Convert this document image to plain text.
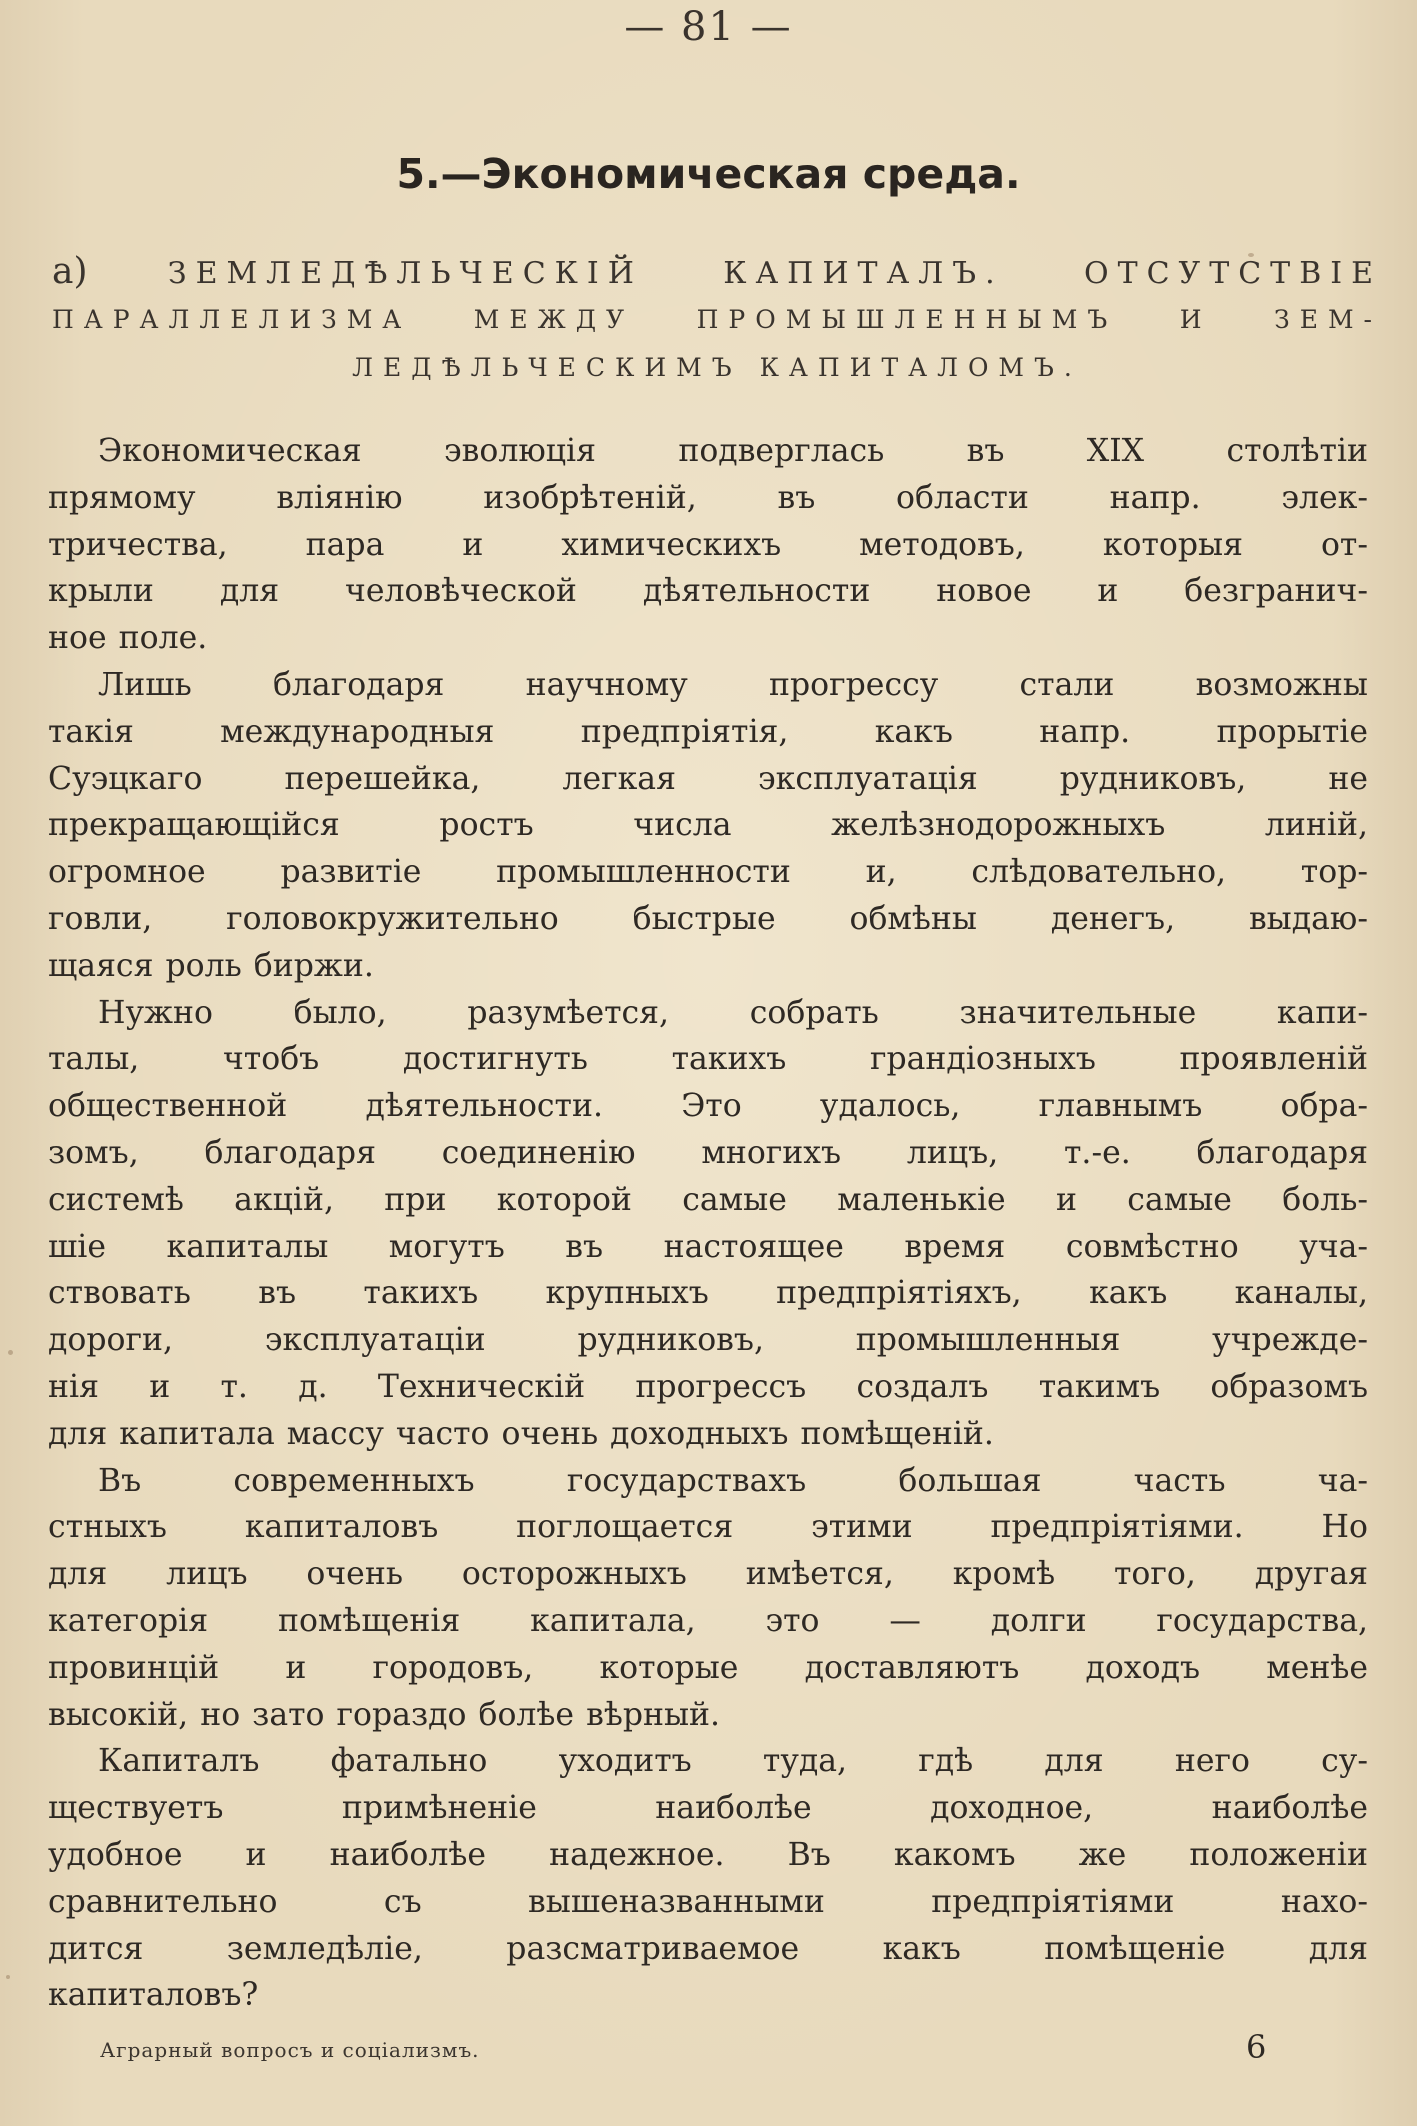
— 81 —
5.—Экономическая среда.
а)	ЗЕМЛЕДѢЛЬЧЕСКІЙ КАПИТАЛЪ. ОТСУТСТВІЕ
ПАРАЛЛЕЛИЗМА МЕЖДУ ПРОМЫШЛЕННЫМЪ И ЗЕМ-
ЛЕДѢЛЬЧЕСКИМЪ КАПИТАЛОМЪ.
Экономическая эволюція подверглась въ XIX столѣтіи
прямому вліянію изобрѣтеній, въ области напр. элек-
тричества, пара и химическихъ методовъ, которыя от-
крыли для человѣческой дѣятельности новое и безгранич-
ное поле.
Лишь благодаря научному прогрессу стали возможны
такія международныя предпріятія, какъ напр. прорытіе
Суэцкаго перешейка, легкая эксплуатація рудниковъ, не
прекращающійся ростъ числа желѣзнодорожныхъ линій,
огромное развитіе промышленности и, слѣдовательно, тор-
говли, головокружительно быстрые обмѣны денегъ, выдаю-
щаяся роль биржи.
Нужно было, разумѣется, собрать значительные капи-
талы, чтобъ достигнуть такихъ грандіозныхъ проявленій
общественной дѣятельности. Это удалось, главнымъ обра-
зомъ, благодаря соединенію многихъ лицъ, т.-е. благодаря
системѣ акцій, при которой самые маленькіе и самые боль-
шіе капиталы могутъ въ настоящее время совмѣстно уча-
ствовать въ такихъ крупныхъ предпріятіяхъ, какъ каналы,
дороги, эксплуатаціи рудниковъ, промышленныя учрежде-
нія и т. д. Техническій прогрессъ создалъ такимъ образомъ
для капитала массу часто очень доходныхъ помѣщеній.
Въ современныхъ государствахъ большая часть ча-
стныхъ капиталовъ поглощается этими предпріятіями. Но
для лицъ очень осторожныхъ имѣется, кромѣ того, другая
категорія помѣщенія капитала, это — долги государства,
провинцій и городовъ, которые доставляютъ доходъ менѣе
высокій, но зато гораздо болѣе вѣрный.
Капиталъ фатально уходитъ туда, гдѣ для него су-
ществуетъ примѣненіе наиболѣе доходное, наиболѣе
удобное и наиболѣе надежное. Въ какомъ же положеніи
сравнительно съ вышеназванными предпріятіями нахо-
дится земледѣліе, разсматриваемое какъ помѣщеніе для
капиталовъ?
Аграрный вопросъ и соціализмъ.	6
